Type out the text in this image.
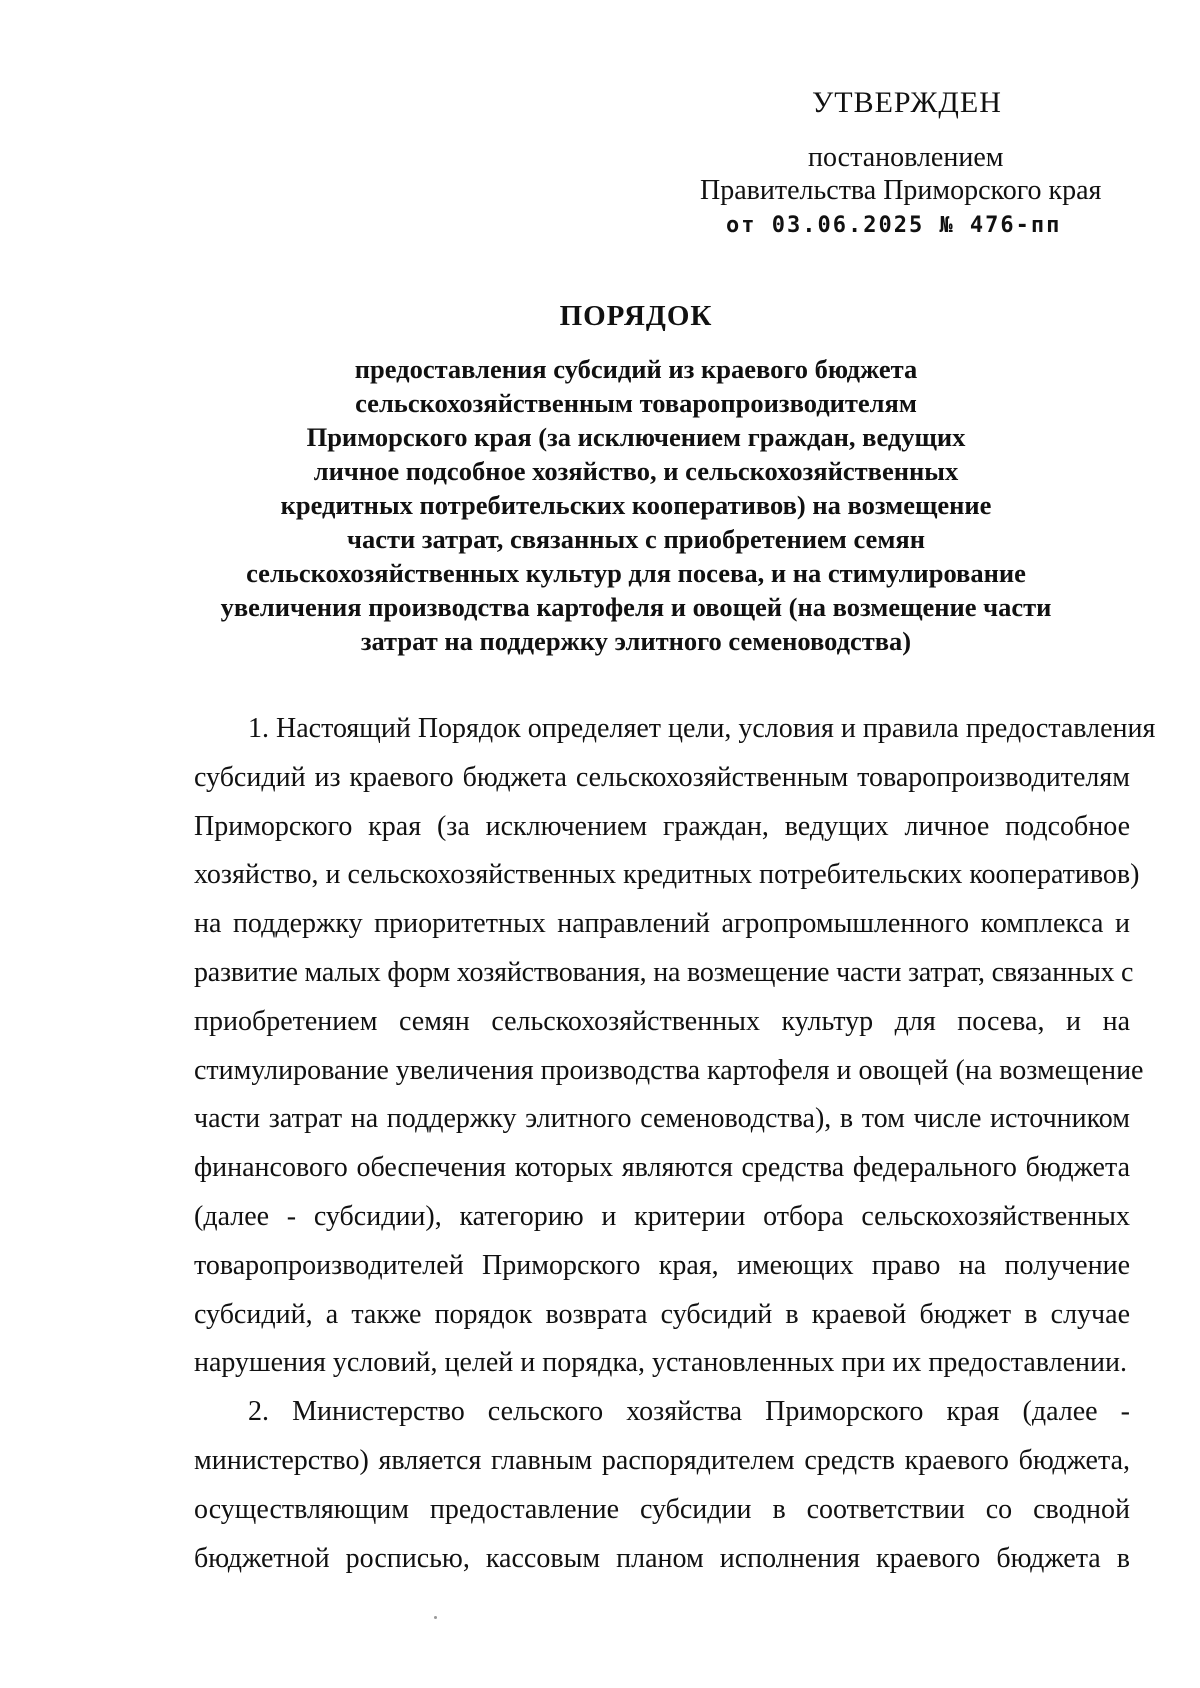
УТВЕРЖДЕН
постановлением
Правительства Приморского края
от 03.06.2025 № 476-пп
ПОРЯДОК
предоставления субсидий из краевого бюджета
сельскохозяйственным товаропроизводителям
Приморского края (за исключением граждан, ведущих
личное подсобное хозяйство, и сельскохозяйственных
кредитных потребительских кооперативов) на возмещение
части затрат, связанных с приобретением семян
сельскохозяйственных культур для посева, и на стимулирование
увеличения производства картофеля и овощей (на возмещение части
затрат на поддержку элитного семеноводства)
1. Настоящий Порядок определяет цели, условия и правила предоставления
субсидий из краевого бюджета сельскохозяйственным товаропроизводителям
Приморского края (за исключением граждан, ведущих личное подсобное
хозяйство, и сельскохозяйственных кредитных потребительских кооперативов)
на поддержку приоритетных направлений агропромышленного комплекса и
развитие малых форм хозяйствования, на возмещение части затрат, связанных с
приобретением семян сельскохозяйственных культур для посева, и на
стимулирование увеличения производства картофеля и овощей (на возмещение
части затрат на поддержку элитного семеноводства), в том числе источником
финансового обеспечения которых являются средства федерального бюджета
(далее - субсидии), категорию и критерии отбора сельскохозяйственных
товаропроизводителей Приморского края, имеющих право на получение
субсидий, а также порядок возврата субсидий в краевой бюджет в случае
нарушения условий, целей и порядка, установленных при их предоставлении.
2. Министерство сельского хозяйства Приморского края (далее -
министерство) является главным распорядителем средств краевого бюджета,
осуществляющим предоставление субсидии в соответствии со сводной
бюджетной росписью, кассовым планом исполнения краевого бюджета в
